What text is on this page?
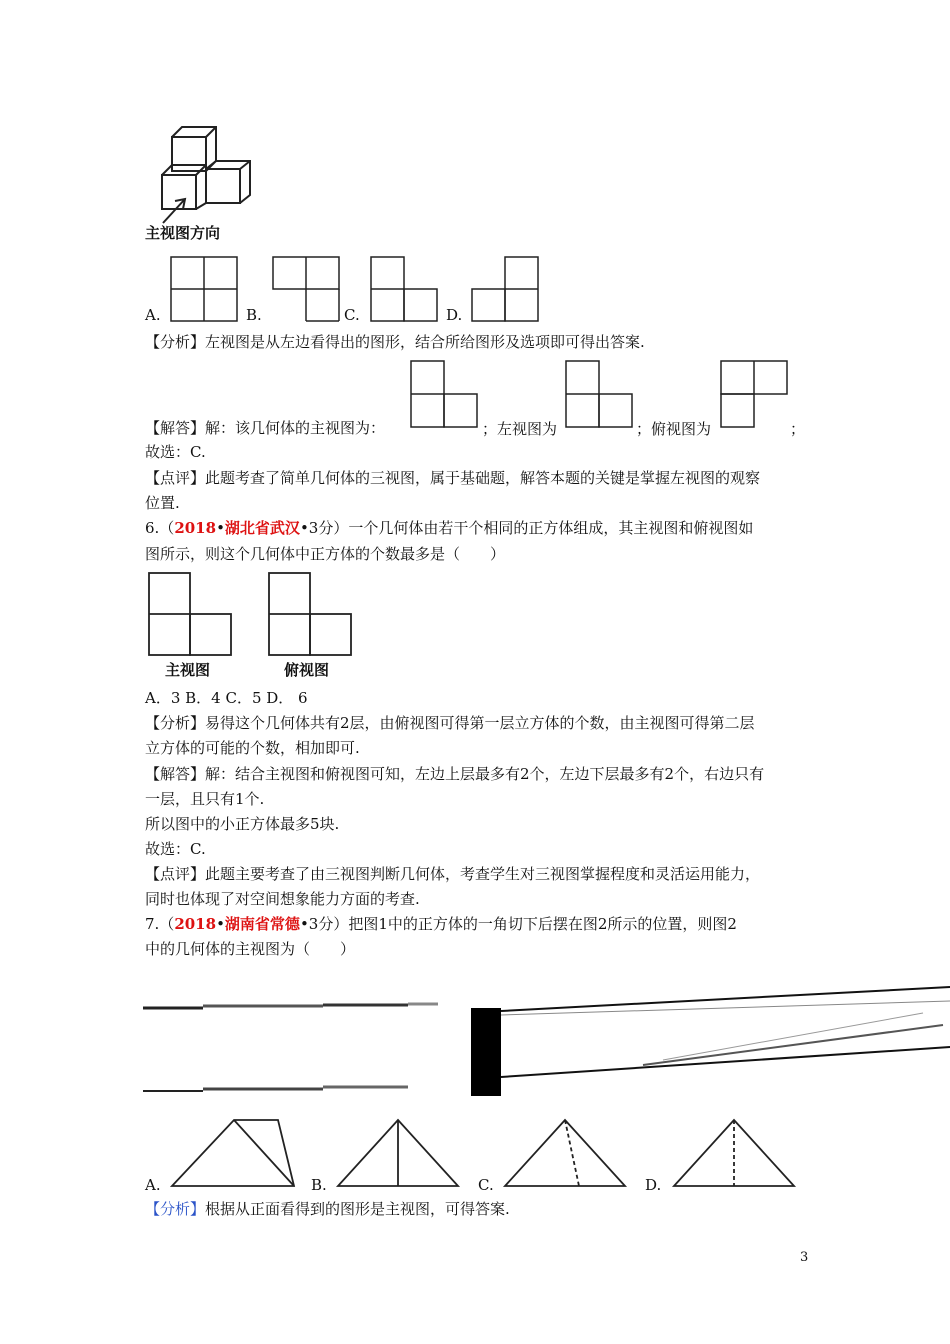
主视图方向
A.	B.	C.	D.
【分析】左视图是从左边看得出的图形，结合所给图形及选项即可得出答案.
【解答】解：该几何体的主视图为：	；左视图为	；俯视图为	；
故选：C.
【点评】此题考查了简单几何体的三视图，属于基础题，解答本题的关键是掌握左视图的观察
位置.
6.（2018•湖北省武汉•3分）一个几何体由若干个相同的正方体组成，其主视图和俯视图如
图所示，则这个几何体中正方体的个数最多是（　　）
主视图	俯视图
A．3 B．4 C．5 D． 6
【分析】易得这个几何体共有2层，由俯视图可得第一层立方体的个数，由主视图可得第二层
立方体的可能的个数，相加即可.
【解答】解：结合主视图和俯视图可知，左边上层最多有2个，左边下层最多有2个，右边只有
一层，且只有1个.
所以图中的小正方体最多5块.
故选：C.
【点评】此题主要考查了由三视图判断几何体，考查学生对三视图掌握程度和灵活运用能力，
同时也体现了对空间想象能力方面的考查.
7.（2018•湖南省常德•3分）把图1中的正方体的一角切下后摆在图2所示的位置，则图2
中的几何体的主视图为（　　）
A.	B.	C.	D.
【分析】根据从正面看得到的图形是主视图，可得答案.
3
